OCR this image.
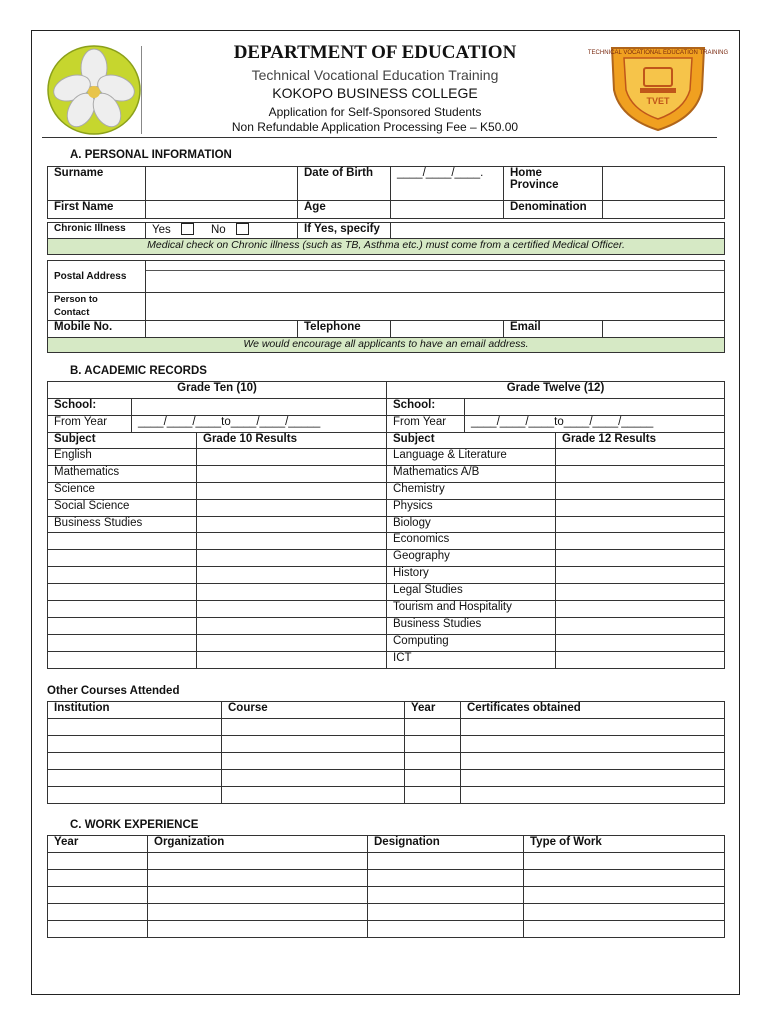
DEPARTMENT OF EDUCATION
Technical Vocational Education Training
KOKOPO BUSINESS COLLEGE
Application for Self-Sponsored Students
Non Refundable Application Processing Fee – K50.00
TVET
TECHNICAL VOCATIONAL EDUCATION TRAINING
A. PERSONAL INFORMATION
Surname		Date of Birth	____/____/____.	Home
Province	
First Name		Age		Denomination	

Chronic Illness	Yes No	If Yes, specify			
Medical check on Chronic illness (such as TB, Asthma etc.) must come from a certified Medical Officer.					

Postal Address					

Person to
Contact					
Mobile No.		Telephone		Email	
We would encourage all applicants to have an email address.					
B. ACADEMIC RECORDS
Grade Ten (10)			Grade Twelve (12)		
School:			School:		
From Year	____/____/____to____/____/_____		From Year	____/____/____to____/____/_____	
Subject		Grade 10 Results	Subject		Grade 12 Results
English			Language & Literature		
Mathematics			Mathematics A/B		
Science			Chemistry		
Social Science			Physics		
Business Studies			Biology		
			Economics		
			Geography		
			History		
			Legal Studies		
			Tourism and Hospitality		
			Business Studies		
			Computing		
			ICT		
Other Courses Attended
Institution	Course	Year	Certificates obtained

C. WORK EXPERIENCE
Year	Organization	Designation	Type of Work
